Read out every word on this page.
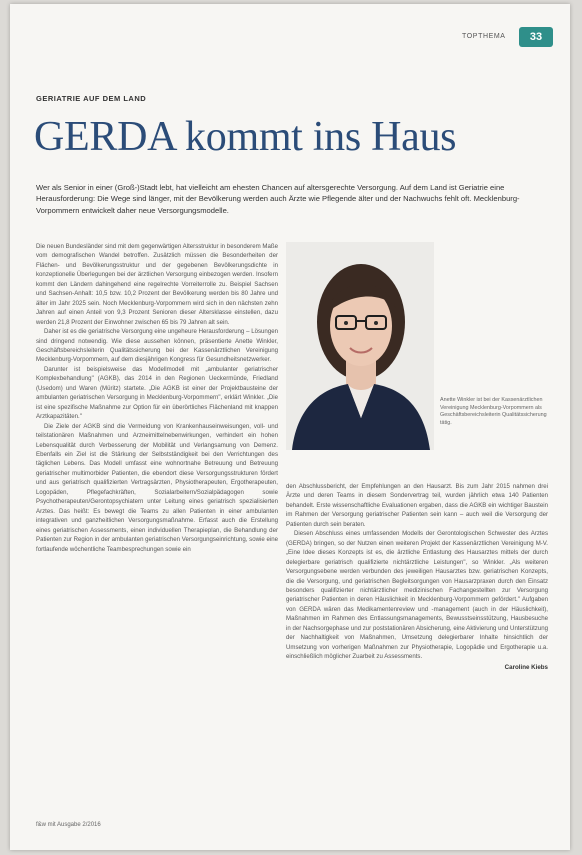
TOPTHEMA	33
GERIATRIE AUF DEM LAND
GERDA kommt ins Haus

Wer als Senior in einer (Groß-)Stadt lebt, hat vielleicht am ehesten Chancen auf altersgerechte Versorgung. Auf dem Land ist Geriatrie eine Herausforderung: Die Wege sind länger, mit der Bevölkerung werden auch Ärzte wie Pflegende älter und der Nachwuchs fehlt oft. Mecklenburg-Vorpommern entwickelt daher neue Versorgungsmodelle.

Die neuen Bundesländer sind mit dem gegenwärtigen Altersstruktur in besonderem Maße vom demografischen Wandel betroffen. Zusätzlich müssen die Besonderheiten der Flächen- und Bevölkerungsstruktur und der gegebenen Bevölkerungsdichte in konzeptionelle Überlegungen bei der ärztlichen Versorgung einbezogen werden. Insofern kommt den Ländern dahingehend eine regelrechte Vorreiterrolle zu. Beispiel Sachsen und Sachsen-Anhalt: 10,5 bzw. 10,2 Prozent der Bevölkerung werden bis 80 Jahre und älter im Jahr 2025 sein. Noch Mecklenburg-Vorpommern wird sich in den nächsten zehn Jahren auf einen Anteil von 9,3 Prozent Senioren dieser Altersklasse einstellen, dazu werden 21,8 Prozent der Einwohner zwischen 65 bis 79 Jahren alt sein.

Daher ist es die geriatrische Versorgung eine ungeheure Herausforderung – Lösungen sind dringend notwendig. Wie diese aussehen können, präsentierte Anette Winkler, Geschäftsbereichsleiterin Qualitätssicherung bei der Kassenärztlichen Vereinigung Mecklenburg-Vorpommern, auf dem diesjährigen Kongress für Gesundheitsnetzwerker.

Darunter ist beispielsweise das Modellmodell mit „ambulanter geriatrischer Komplexbehandlung" (AGKB), das 2014 in den Regionen Ueckermünde, Friedland (Usedom) und Waren (Müritz) startete. „Die AGKB ist einer der Projektbausteine der ambulanten geriatrischen Versorgung in Mecklenburg-Vorpommern", erklärt Winkler. „Die ist eine spezifische Maßnahme zur Option für ein überörtliches Flächenland mit knappen Arztkapazitäten."

Die Ziele der AGKB sind die Vermeidung von Krankenhauseinweisungen, voll- und teilstationären Maßnahmen und Arzneimittelnebenwirkungen, verhindert ein hohen Lebensqualität durch Verbesserung der Mobilität und Verlangsamung von Demenz. Ebenfalls ein Ziel ist die Stärkung der Selbstständigkeit bei den Verrichtungen des täglichen Lebens. Das Modell umfasst eine wohnortnahe Betreuung und Betreuung geriatrischer multimorbider Patienten, die ebendort diese Versorgungsstrukturen fördert und aus geriatrisch qualifizierten Vertragsärzten, Physiotherapeuten, Ergotherapeuten, Logopäden, Pflegefachkräften, Sozialarbeitern/Sozialpädagogen sowie Psychotherapeuten/Gerontopsychiatern unter Leitung eines geriatrisch spezialisierten Arztes. Das heißt: Es bewegt die Teams zu allen Patienten in einer ambulanten integrativen und ganzheitlichen Versorgungsmaßnahme. Erfasst auch die Erstellung eines geriatrischen Assessments, einen individuellen Therapieplan, die Behandlung der Patienten zur Region in der ambulanten geriatrischen Versorgungseinrichtung, sowie eine fortlaufende wöchentliche Teambesprechungen sowie ein

Anette Winkler ist bei der Kassenärztlichen Vereinigung Mecklenburg-Vorpommern als Geschäftsbereichsleiterin Qualitätssicherung tätig.

den Abschlussbericht, der Empfehlungen an den Hausarzt. Bis zum Jahr 2015 nahmen drei Ärzte und deren Teams in diesem Sondervertrag teil, wurden jährlich etwa 140 Patienten behandelt. Erste wissenschaftliche Evaluationen ergaben, dass die AGKB ein wichtiger Baustein im Rahmen der Versorgung geriatrischer Patienten sein kann – auch weil die Versorgung der Patienten durch sein beraten.

Diesen Abschluss eines umfassenden Modells der Gerontologischen Schwester des Arztes (GERDA) bringen, so der Nutzen einen weiteren Projekt der Kassenärztlichen Vereinigung M-V. „Eine Idee dieses Konzepts ist es, die ärztliche Entlastung des Hausarztes mittels der durch delegierbare geriatrisch qualifizierte nichtärztliche Leistungen", so Winkler. „Als weiteren Versorgungsebene werden verbunden des jeweiligen Hausarztes bzw. geriatrischen Konzepts, die die Versorgung, und geriatrischen Begleitsorgungen von Hausarzpraxen durch den Einsatz besonders qualifizierter nichtärztlicher medizinischen Fachangestellten zur Versorgung geriatrischer Patienten in deren Häuslichkeit in Mecklenburg-Vorpommern gefördert." Aufgaben von GERDA wären das Medikamentenreview und -management (auch in der Häuslichkeit), Maßnahmen im Rahmen des Entlassungsmanagements, Bewusstseinsstützung, Hausbesuche in der Nachsorgephase und zur poststationären Absicherung, eine Aktivierung und Unterstützung der Nachhaltigkeit von Maßnahmen, Umsetzung delegierbarer Inhalte hinsichtlich der Umsetzung von vorherigen Maßnahmen zur Physiotherapie, Logopädie und Ergotherapie u.a. einschließlich möglicher Zuarbeit zu Assessments.

Caroline Kiebs
f&w mit Ausgabe 2/2016
